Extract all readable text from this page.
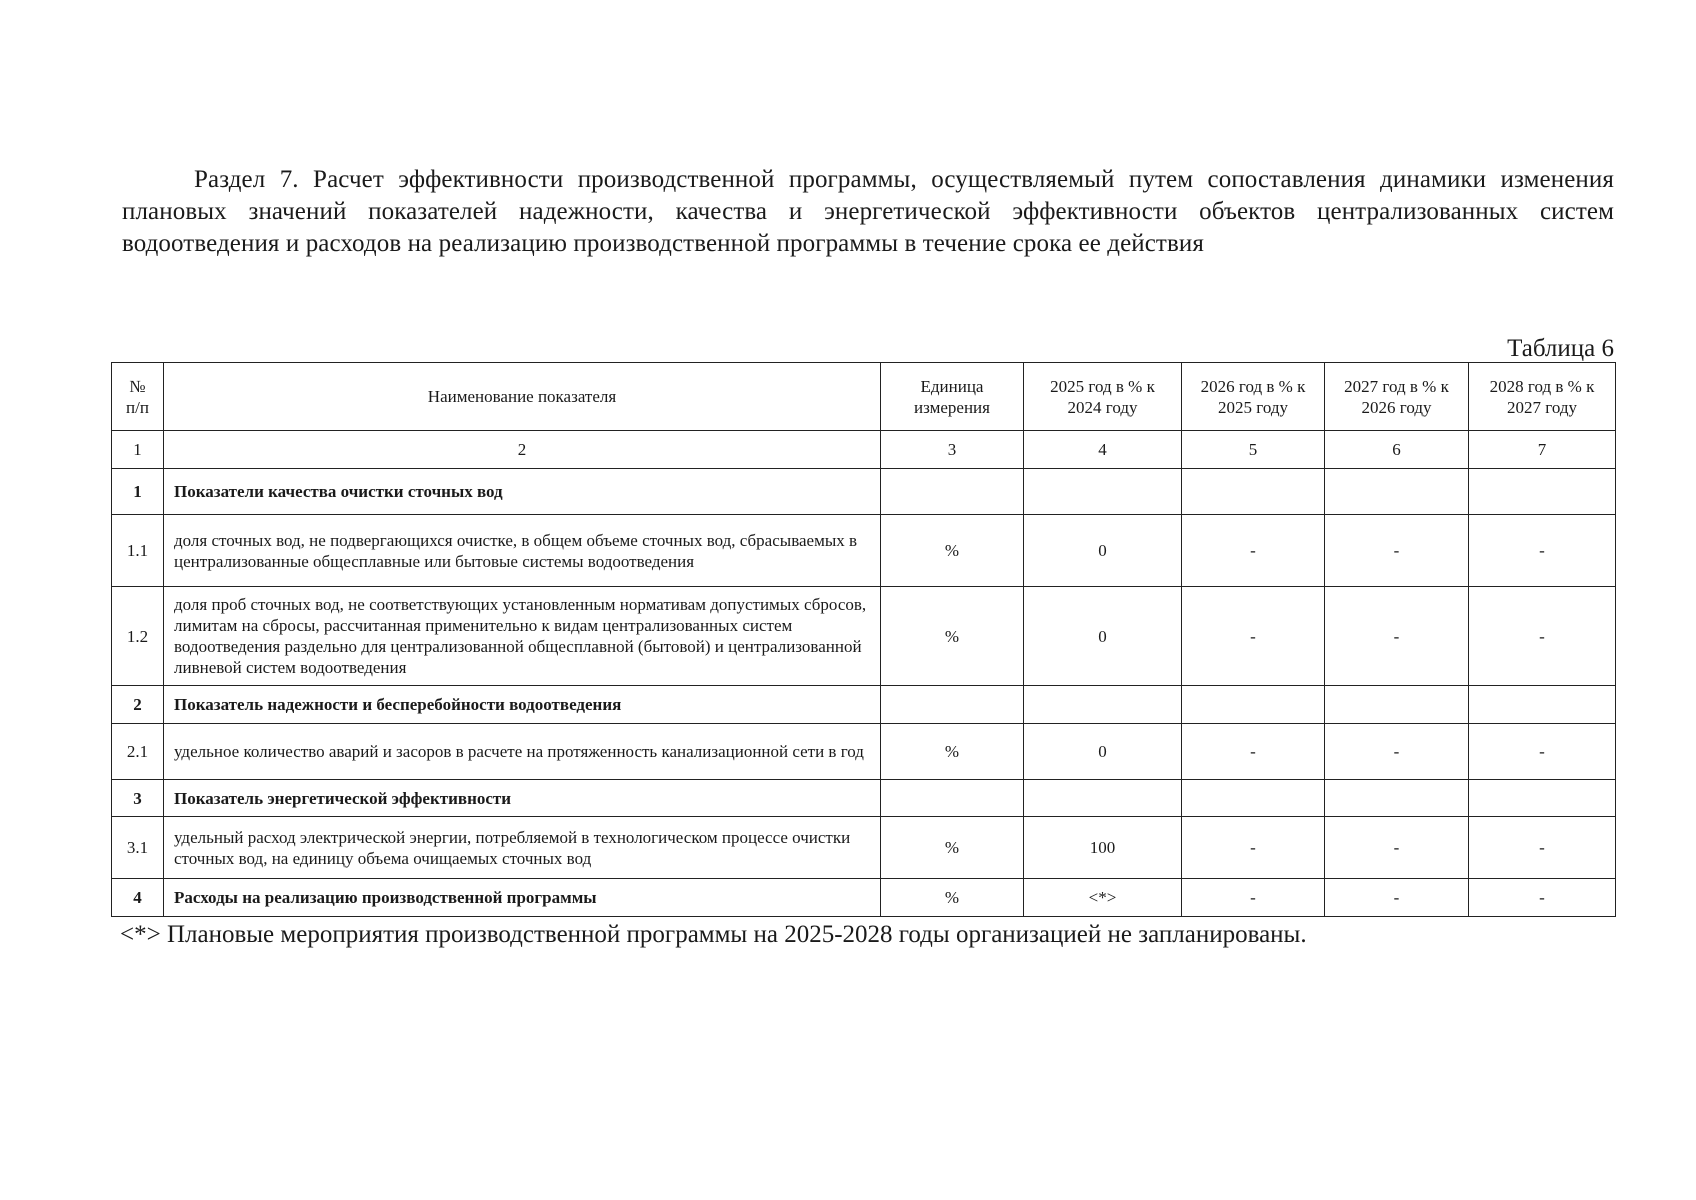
Раздел 7. Расчет эффективности производственной программы, осуществляемый путем сопоставления динамики изменения плановых значений показателей надежности, качества и энергетической эффективности объектов централизованных систем водоотведения и расходов на реализацию производственной программы в течение срока ее действия
Таблица 6
№ п/п	Наименование показателя	Единица измерения	2025 год в % к 2024 году	2026 год в % к 2025 году	2027 год в % к 2026 году	2028 год в % к 2027 году
1	2	3	4	5	6	7
1	Показатели качества очистки сточных вод					
1.1	доля сточных вод, не подвергающихся очистке, в общем объеме сточных вод, сбрасываемых в централизованные общесплавные или бытовые системы водоотведения	%	0	-	-	-
1.2	доля проб сточных вод, не соответствующих установленным нормативам допустимых сбросов, лимитам на сбросы, рассчитанная применительно к видам централизованных систем водоотведения раздельно для централизованной общесплавной (бытовой) и централизованной ливневой систем водоотведения	%	0	-	-	-
2	Показатель надежности и бесперебойности водоотведения					
2.1	удельное количество аварий и засоров в расчете на протяженность канализационной сети в год	%	0	-	-	-
3	Показатель энергетической эффективности					
3.1	удельный расход электрической энергии, потребляемой в технологическом процессе очистки сточных вод, на единицу объема очищаемых сточных вод	%	100	-	-	-
4	Расходы на реализацию производственной программы	%	<*>	-	-	-
<*> Плановые мероприятия производственной программы на 2025-2028 годы организацией не запланированы.
